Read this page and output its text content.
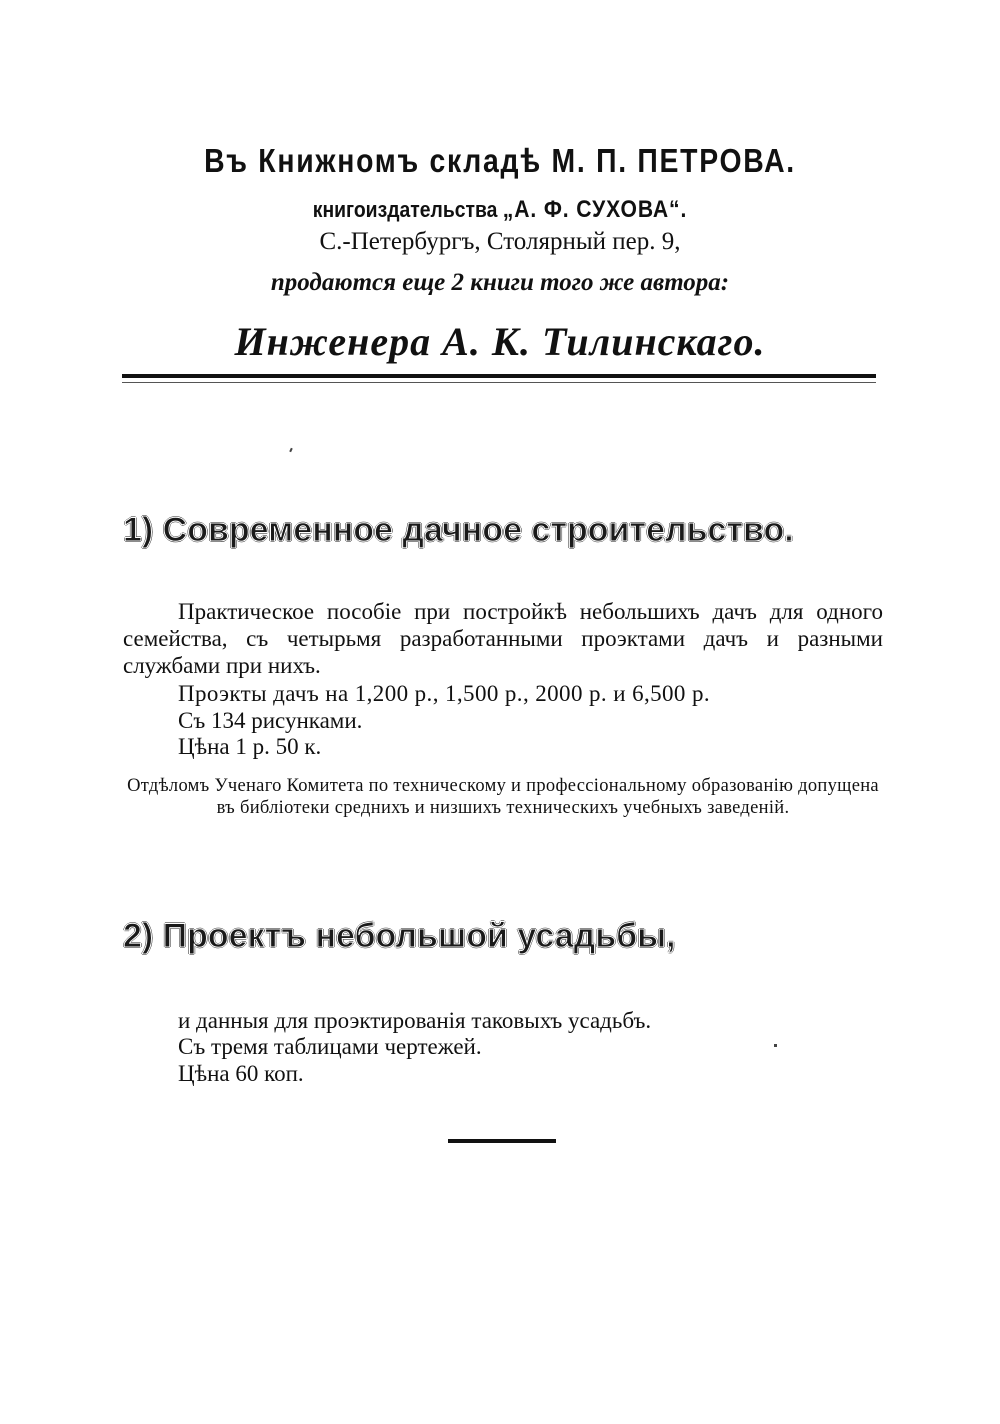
Въ Книжномъ складѣ М. П. ПЕТРОВА.
книгоиздательства „А. Ф. СУХОВА“.
С.-Петербургъ, Столярный пер. 9,
продаются еще 2 книги того же автора:
Инженера А. К. Тилинскаго.
1) Современное дачное строительство.
Практическое пособіе при постройкѣ небольшихъ дачъ для одного семейства, съ четырьмя разработанными проэктами дачъ и разными службами при нихъ.
Проэкты дачъ на 1,200 р., 1,500 р., 2000 р. и 6,500 р.
Съ 134 рисунками.
Цѣна 1 р. 50 к.
Отдѣломъ Ученаго Комитета по техническому и профессіональному образованію допущена въ библіотеки среднихъ и низшихъ техническихъ учебныхъ заведеній.
2) Проектъ небольшой усадьбы,
и данныя для проэктированія таковыхъ усадьбъ.
Съ тремя таблицами чертежей.
Цѣна 60 коп.
